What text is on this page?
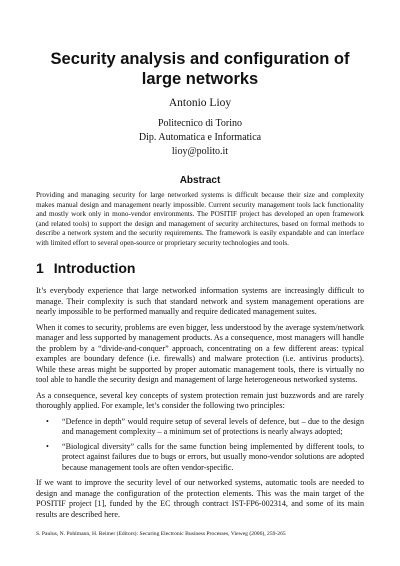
Security analysis and configuration of
large networks

Antonio Lioy

Politecnico di Torino
Dip. Automatica e Informatica
lioy@polito.it

Abstract

Providing and managing security for large networked systems is difficult because their size and complexity makes manual design and management nearly impossible. Current security management tools lack functionality and mostly work only in mono-vendor environments. The POSITIF project has developed an open framework (and related tools) to support the design and management of security architectures, based on formal methods to describe a network system and the security requirements. The framework is easily expandable and can interface with limited effort to several open-source or proprietary security technologies and tools.

1 Introduction

It’s everybody experience that large networked information systems are increasingly difficult to manage. Their complexity is such that standard network and system management operations are nearly impossible to be performed manually and require dedicated management suites.

When it comes to security, problems are even bigger, less understood by the average system/network manager and less supported by management products. As a consequence, most managers will handle the problem by a “divide-and-conquer” approach, concentrating on a few different areas: typical examples are boundary defence (i.e. firewalls) and malware protection (i.e. antivirus products). While these areas might be supported by proper automatic management tools, there is virtually no tool able to handle the security design and management of large heterogeneous networked systems.

As a consequence, several key concepts of system protection remain just buzzwords and are rarely thoroughly applied. For example, let’s consider the following two principles:

• “Defence in depth” would require setup of several levels of defence, but – due to the design and management complexity – a minimum set of protections is nearly always adopted;
• “Biological diversity” calls for the same function being implemented by different tools, to protect against failures due to bugs or errors, but usually mono-vendor solutions are adopted because management tools are often vendor-specific.

If we want to improve the security level of our networked systems, automatic tools are needed to design and manage the configuration of the protection elements. This was the main target of the POSITIF project [1], funded by the EC through contract IST-FP6-002314, and some of its main results are described here.

S. Paulus, N. Pohlmann, H. Reimer (Editors): Securing Electronic Business Processes, Vieweg (2006), 259-265
